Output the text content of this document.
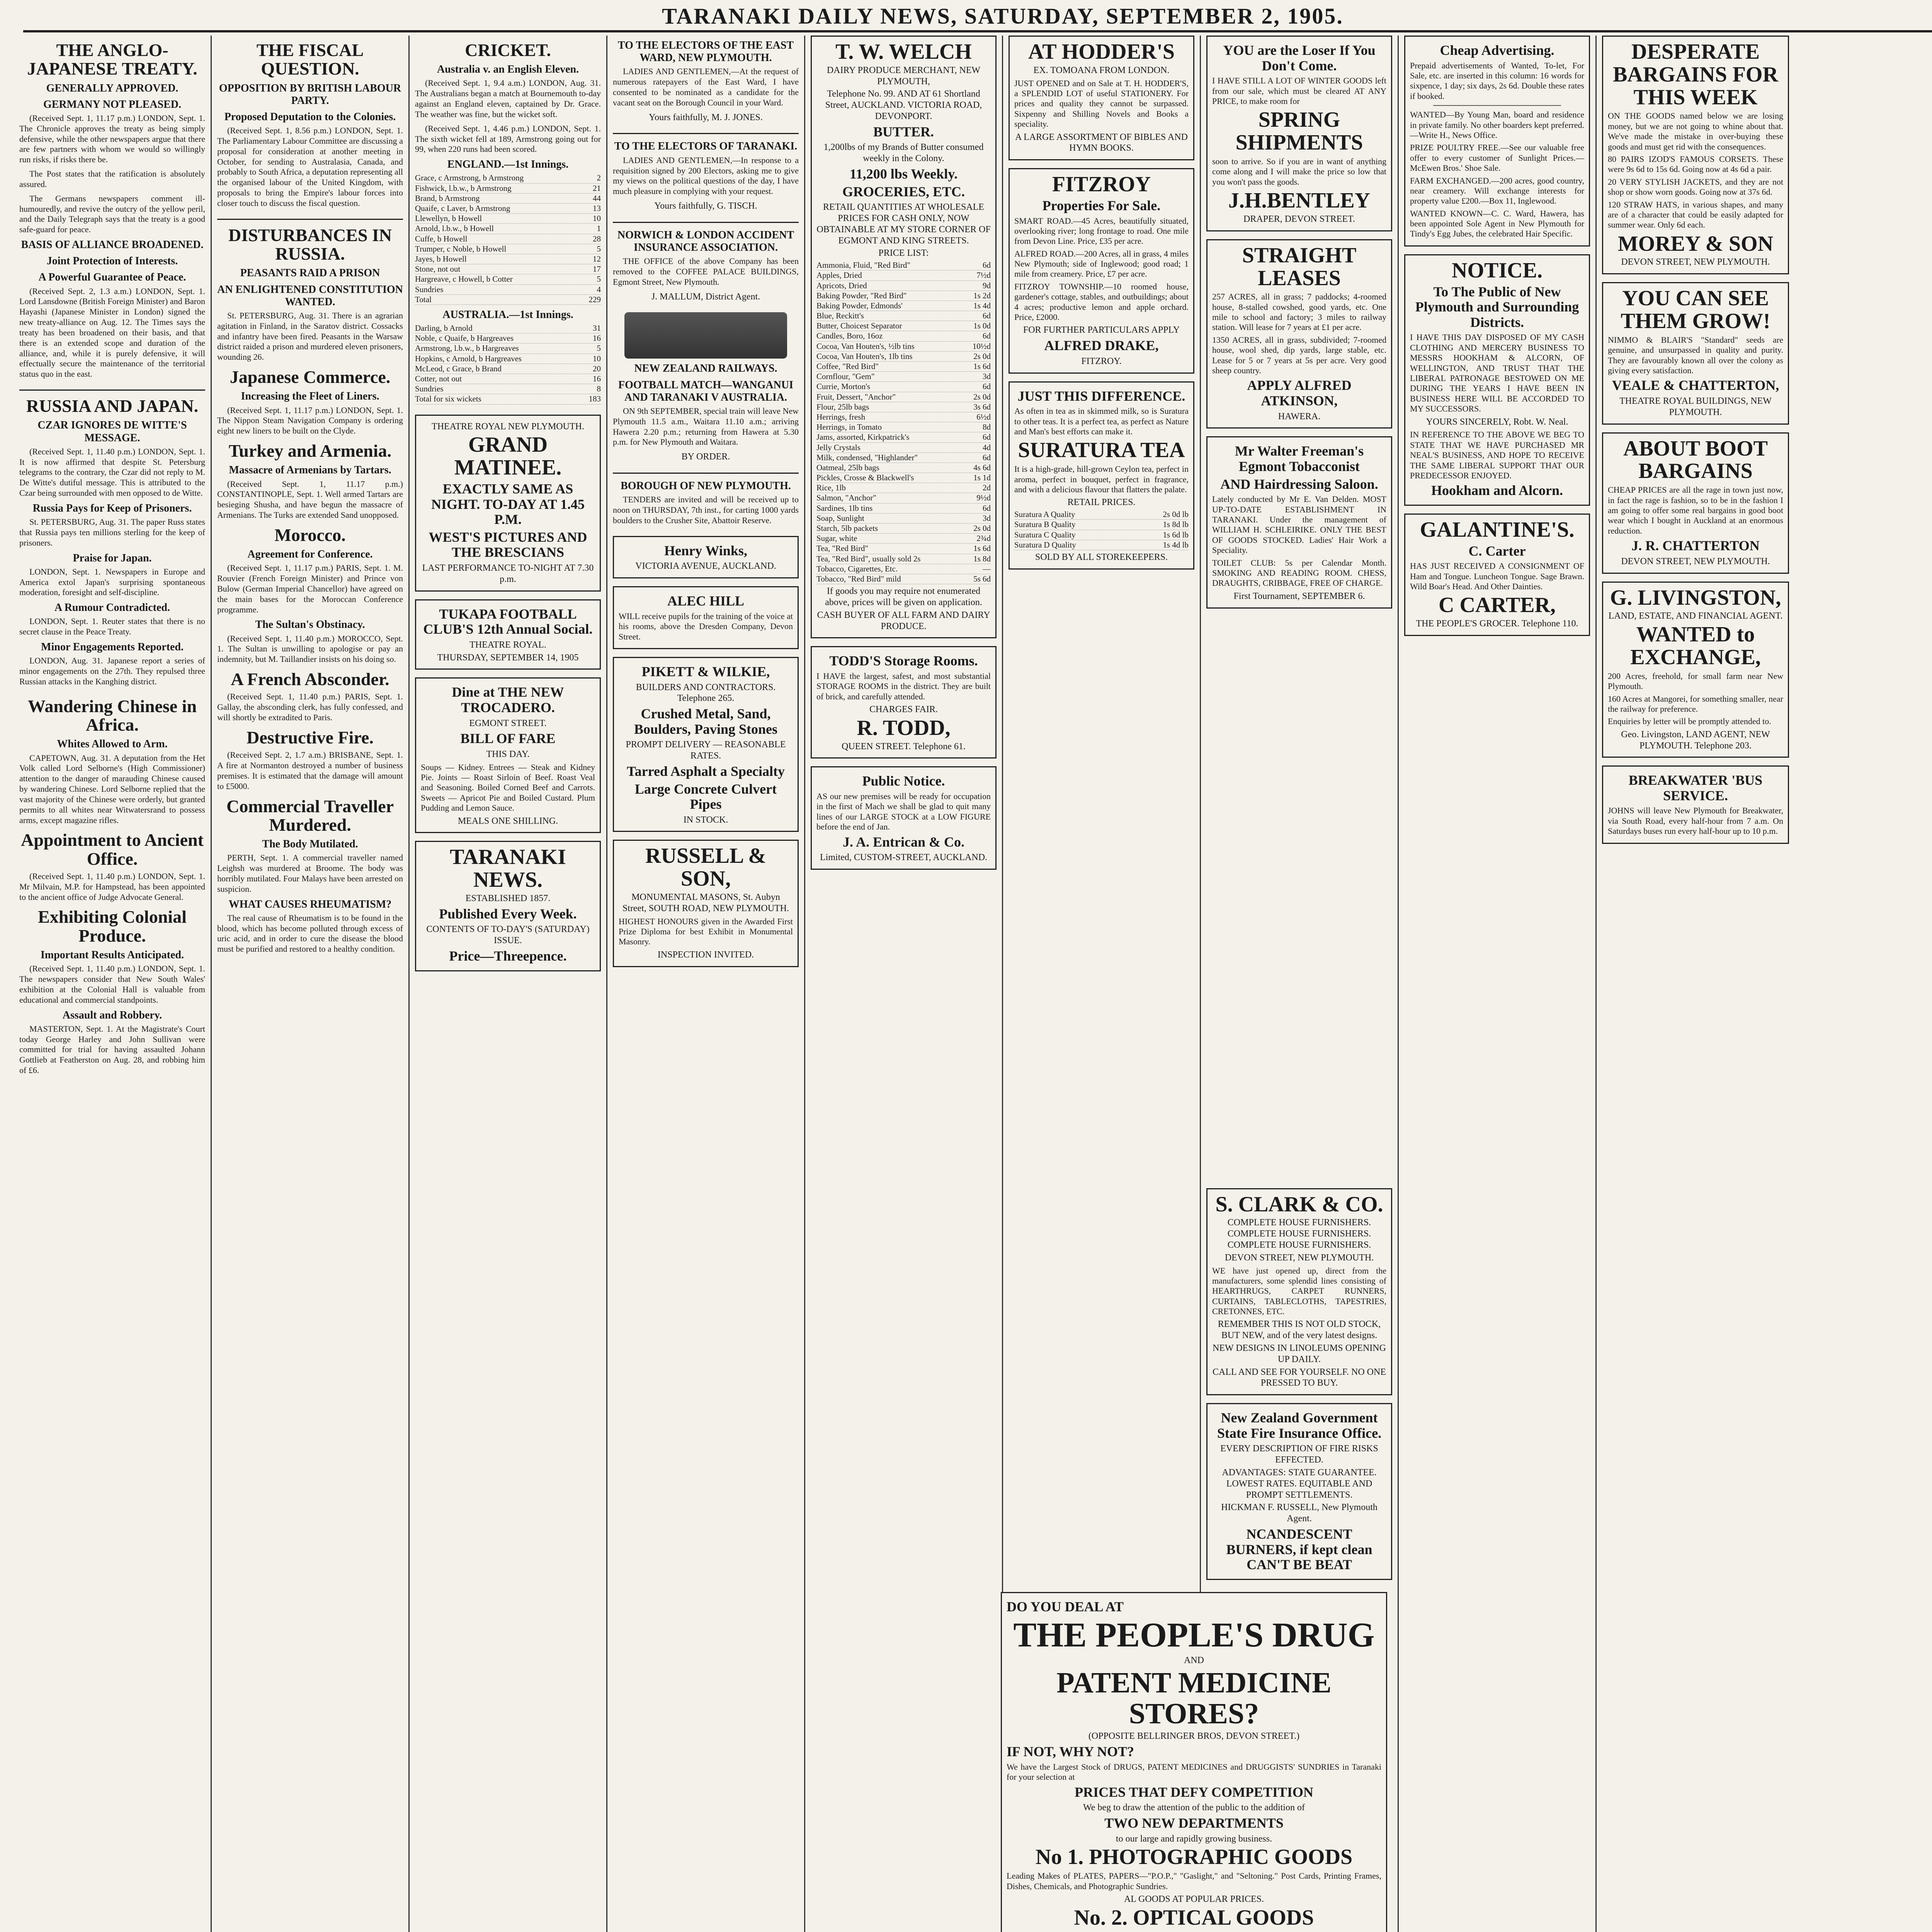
TARANAKI DAILY NEWS, SATURDAY, SEPTEMBER 2, 1905.
THE ANGLO-JAPANESE TREATY.
GENERALLY APPROVED.
GERMANY NOT PLEASED.

(Received Sept. 1, 11.17 p.m.) LONDON, Sept. 1. The Chronicle approves the treaty as being simply defensive, while the other newspapers argue that there are few partners with whom we would so willingly run risks, if risks there be.

The Post states that the ratification is absolutely assured.

The Germans newspapers comment ill-humouredly, and revive the outcry of the yellow peril, and the Daily Telegraph says that the treaty is a good safe-guard for peace.

BASIS OF ALLIANCE BROADENED.
Joint Protection of Interests.
A Powerful Guarantee of Peace.

(Received Sept. 2, 1.3 a.m.) LONDON, Sept. 1. Lord Lansdowne (British Foreign Minister) and Baron Hayashi (Japanese Minister in London) signed the new treaty-alliance on Aug. 12. The Times says the treaty has been broadened on their basis, and that there is an extended scope and duration of the alliance, and, while it is purely defensive, it will effectually secure the maintenance of the territorial status quo in the east.

RUSSIA AND JAPAN.
CZAR IGNORES DE WITTE'S MESSAGE.

(Received Sept. 1, 11.40 p.m.) LONDON, Sept. 1. It is now affirmed that despite St. Petersburg telegrams to the contrary, the Czar did not reply to M. De Witte's dutiful message. This is attributed to the Czar being surrounded with men opposed to de Witte.

Russia Pays for Keep of Prisoners.

St. PETERSBURG, Aug. 31. The paper Russ states that Russia pays ten millions sterling for the keep of prisoners.

Praise for Japan.

LONDON, Sept. 1. Newspapers in Europe and America extol Japan's surprising spontaneous moderation, foresight and self-discipline.

A Rumour Contradicted.

LONDON, Sept. 1. Reuter states that there is no secret clause in the Peace Treaty.

Minor Engagements Reported.

LONDON, Aug. 31. Japanese report a series of minor engagements on the 27th. They repulsed three Russian attacks in the Kanghing district.

Wandering Chinese in Africa.
Whites Allowed to Arm.

CAPETOWN, Aug. 31. A deputation from the Het Volk called Lord Selborne's (High Commissioner) attention to the danger of marauding Chinese caused by wandering Chinese. Lord Selborne replied that the vast majority of the Chinese were orderly, but granted permits to all whites near Witwatersrand to possess arms, except magazine rifles.

Appointment to Ancient Office.

(Received Sept. 1, 11.40 p.m.) LONDON, Sept. 1. Mr Milvain, M.P. for Hampstead, has been appointed to the ancient office of Judge Advocate General.

Exhibiting Colonial Produce.
Important Results Anticipated.

(Received Sept. 1, 11.40 p.m.) LONDON, Sept. 1. The newspapers consider that New South Wales' exhibition at the Colonial Hall is valuable from educational and commercial standpoints.

Assault and Robbery.

MASTERTON, Sept. 1. At the Magistrate's Court today George Harley and John Sullivan were committed for trial for having assaulted Johann Gottlieb at Featherston on Aug. 28, and robbing him of £6.

THE FISCAL QUESTION.
OPPOSITION BY BRITISH LABOUR PARTY.
Proposed Deputation to the Colonies.

(Received Sept. 1, 8.56 p.m.) LONDON, Sept. 1. The Parliamentary Labour Committee are discussing a proposal for consideration at another meeting in October, for sending to Australasia, Canada, and probably to South Africa, a deputation representing all the organised labour of the United Kingdom, with proposals to bring the Empire's labour forces into closer touch to discuss the fiscal question.

DISTURBANCES IN RUSSIA.
PEASANTS RAID A PRISON
AN ENLIGHTENED CONSTITUTION WANTED.

St. PETERSBURG, Aug. 31. There is an agrarian agitation in Finland, in the Saratov district. Cossacks and infantry have been fired. Peasants in the Warsaw district raided a prison and murdered eleven prisoners, wounding 26.

Japanese Commerce.
Increasing the Fleet of Liners.

(Received Sept. 1, 11.17 p.m.) LONDON, Sept. 1. The Nippon Steam Navigation Company is ordering eight new liners to be built on the Clyde.

Turkey and Armenia.
Massacre of Armenians by Tartars.

(Received Sept. 1, 11.17 p.m.) CONSTANTINOPLE, Sept. 1. Well armed Tartars are besieging Shusha, and have begun the massacre of Armenians. The Turks are extended Sand unopposed.

Morocco.
Agreement for Conference.

(Received Sept. 1, 11.17 p.m.) PARIS, Sept. 1. M. Rouvier (French Foreign Minister) and Prince von Bulow (German Imperial Chancellor) have agreed on the main bases for the Moroccan Conference programme.

The Sultan's Obstinacy.

(Received Sept. 1, 11.40 p.m.) MOROCCO, Sept. 1. The Sultan is unwilling to apologise or pay an indemnity, but M. Taillandier insists on his doing so.

A French Absconder.

(Received Sept. 1, 11.40 p.m.) PARIS, Sept. 1. Gallay, the absconding clerk, has fully confessed, and will shortly be extradited to Paris.

Destructive Fire.

(Received Sept. 2, 1.7 a.m.) BRISBANE, Sept. 1. A fire at Normanton destroyed a number of business premises. It is estimated that the damage will amount to £5000.

Commercial Traveller Murdered.
The Body Mutilated.

PERTH, Sept. 1. A commercial traveller named Leighsh was murdered at Broome. The body was horribly mutilated. Four Malays have been arrested on suspicion.

WHAT CAUSES RHEUMATISM?

The real cause of Rheumatism is to be found in the blood, which has become polluted through excess of uric acid, and in order to cure the disease the blood must be purified and restored to a healthy condition.

CRICKET.
Australia v. an English Eleven.

(Received Sept. 1, 9.4 a.m.) LONDON, Aug. 31. The Australians began a match at Bournemouth to-day against an England eleven, captained by Dr. Grace. The weather was fine, but the wicket soft.

(Received Sept. 1, 4.46 p.m.) LONDON, Sept. 1. The sixth wicket fell at 189, Armstrong going out for 99, when 220 runs had been scored.

ENGLAND.—1st Innings.
Grace, c Armstrong, b Armstrong	2
Fishwick, l.b.w., b Armstrong	21
Brand, b Armstrong	44
Quaife, c Laver, b Armstrong	13
Llewellyn, b Howell	10
Arnold, l.b.w., b Howell	1
Cuffe, b Howell	28
Trumper, c Noble, b Howell	5
Jayes, b Howell	12
Stone, not out	17
Hargreave, c Howell, b Cotter	5
Sundries	4
Total	229
AUSTRALIA.—1st Innings.
Darling, b Arnold	31
Noble, c Quaife, b Hargreaves	16
Armstrong, l.b.w., b Hargreaves	5
Hopkins, c Arnold, b Hargreaves	10
McLeod, c Grace, b Brand	20
Cotter, not out	16
Sundries	8
Total for six wickets	183
THEATRE ROYAL NEW PLYMOUTH.
GRAND MATINEE.
EXACTLY SAME AS NIGHT. TO-DAY AT 1.45 P.M.
WEST'S PICTURES AND THE BRESCIANS
LAST PERFORMANCE TO-NIGHT AT 7.30 p.m.
TUKAPA FOOTBALL CLUB'S 12th Annual Social.
THEATRE ROYAL.
THURSDAY, SEPTEMBER 14, 1905
Dine at THE NEW TROCADERO.
EGMONT STREET.
BILL OF FARE
THIS DAY.

Soups — Kidney. Entrees — Steak and Kidney Pie. Joints — Roast Sirloin of Beef. Roast Veal and Seasoning. Boiled Corned Beef and Carrots. Sweets — Apricot Pie and Boiled Custard. Plum Pudding and Lemon Sauce.

MEALS ONE SHILLING.
TARANAKI NEWS.
ESTABLISHED 1857.
Published Every Week.
CONTENTS OF TO-DAY'S (SATURDAY) ISSUE.
Price—Threepence.
TO THE ELECTORS OF THE EAST WARD, NEW PLYMOUTH.

LADIES AND GENTLEMEN,—At the request of numerous ratepayers of the East Ward, I have consented to be nominated as a candidate for the vacant seat on the Borough Council in your Ward.

Yours faithfully, M. J. JONES.

TO THE ELECTORS OF TARANAKI.

LADIES AND GENTLEMEN,—In response to a requisition signed by 200 Electors, asking me to give my views on the political questions of the day, I have much pleasure in complying with your request.

Yours faithfully, G. TISCH.

NORWICH & LONDON ACCIDENT INSURANCE ASSOCIATION.

THE OFFICE of the above Company has been removed to the COFFEE PALACE BUILDINGS, Egmont Street, New Plymouth.

J. MALLUM, District Agent.

NEW ZEALAND RAILWAYS.
FOOTBALL MATCH—WANGANUI AND TARANAKI V AUSTRALIA.

ON 9th SEPTEMBER, special train will leave New Plymouth 11.5 a.m., Waitara 11.10 a.m.; arriving Hawera 2.20 p.m.; returning from Hawera at 5.30 p.m. for New Plymouth and Waitara.

BY ORDER.

BOROUGH OF NEW PLYMOUTH.

TENDERS are invited and will be received up to noon on THURSDAY, 7th inst., for carting 1000 yards boulders to the Crusher Site, Abattoir Reserve.

Henry Winks,
VICTORIA AVENUE, AUCKLAND.
ALEC HILL

WILL receive pupils for the training of the voice at his rooms, above the Dresden Company, Devon Street.

PIKETT & WILKIE,
BUILDERS AND CONTRACTORS. Telephone 265.
Crushed Metal, Sand, Boulders, Paving Stones
PROMPT DELIVERY — REASONABLE RATES.
Tarred Asphalt a Specialty
Large Concrete Culvert Pipes
IN STOCK.
RUSSELL & SON,
MONUMENTAL MASONS, St. Aubyn Street, SOUTH ROAD, NEW PLYMOUTH.

HIGHEST HONOURS given in the Awarded First Prize Diploma for best Exhibit in Monumental Masonry.

INSPECTION INVITED.
T. W. WELCH
DAIRY PRODUCE MERCHANT, NEW PLYMOUTH,
Telephone No. 99. AND AT 61 Shortland Street, AUCKLAND. VICTORIA ROAD, DEVONPORT.
BUTTER.
1,200lbs of my Brands of Butter consumed weekly in the Colony.
11,200 lbs Weekly.
GROCERIES, ETC.
RETAIL QUANTITIES AT WHOLESALE PRICES FOR CASH ONLY, NOW OBTAINABLE AT MY STORE CORNER OF EGMONT AND KING STREETS.
PRICE LIST:
Ammonia, Fluid, "Red Bird"	6d
Apples, Dried	7½d
Apricots, Dried	9d
Baking Powder, "Red Bird"	1s 2d
Baking Powder, Edmonds'	1s 4d
Blue, Reckitt's	6d
Butter, Choicest Separator	1s 0d
Candles, Boro, 16oz	6d
Cocoa, Van Houten's, ½lb tins	10½d
Cocoa, Van Houten's, 1lb tins	2s 0d
Coffee, "Red Bird"	1s 6d
Cornflour, "Gem"	3d
Currie, Morton's	6d
Fruit, Dessert, "Anchor"	2s 0d
Flour, 25lb bags	3s 6d
Herrings, fresh	6½d
Herrings, in Tomato	8d
Jams, assorted, Kirkpatrick's	6d
Jelly Crystals	4d
Milk, condensed, "Highlander"	6d
Oatmeal, 25lb bags	4s 6d
Pickles, Crosse & Blackwell's	1s 1d
Rice, 1lb	2d
Salmon, "Anchor"	9½d
Sardines, 1lb tins	6d
Soap, Sunlight	3d
Starch, 5lb packets	2s 0d
Sugar, white	2¾d
Tea, "Red Bird"	1s 6d
Tea, "Red Bird", usually sold 2s	1s 8d
Tobacco, Cigarettes, Etc.	—
Tobacco, "Red Bird" mild	5s 6d
If goods you may require not enumerated above, prices will be given on application.
CASH BUYER OF ALL FARM AND DAIRY PRODUCE.
TODD'S Storage Rooms.

I HAVE the largest, safest, and most substantial STORAGE ROOMS in the district. They are built of brick, and carefully attended.

CHARGES FAIR.
R. TODD,
QUEEN STREET. Telephone 61.
Public Notice.

AS our new premises will be ready for occupation in the first of Mach we shall be glad to quit many lines of our LARGE STOCK at a LOW FIGURE before the end of Jan.

J. A. Entrican & Co.
Limited, CUSTOM-STREET, AUCKLAND.
AT HODDER'S
EX. TOMOANA FROM LONDON.

JUST OPENED and on Sale at T. H. HODDER'S, a SPLENDID LOT of useful STATIONERY. For prices and quality they cannot be surpassed. Sixpenny and Shilling Novels and Books a speciality.

A LARGE ASSORTMENT OF BIBLES AND HYMN BOOKS.
FITZROY
Properties For Sale.

SMART ROAD.—45 Acres, beautifully situated, overlooking river; long frontage to road. One mile from Devon Line. Price, £35 per acre.

ALFRED ROAD.—200 Acres, all in grass, 4 miles New Plymouth; side of Inglewood; good road; 1 mile from creamery. Price, £7 per acre.

FITZROY TOWNSHIP.—10 roomed house, gardener's cottage, stables, and outbuildings; about 4 acres; productive lemon and apple orchard. Price, £2000.

FOR FURTHER PARTICULARS APPLY
ALFRED DRAKE,
FITZROY.
JUST THIS DIFFERENCE.

As often in tea as in skimmed milk, so is Suratura to other teas. It is a perfect tea, as perfect as Nature and Man's best efforts can make it.

SURATURA TEA

It is a high-grade, hill-grown Ceylon tea, perfect in aroma, perfect in bouquet, perfect in fragrance, and with a delicious flavour that flatters the palate.

RETAIL PRICES.
Suratura A Quality	2s 0d lb
Suratura B Quality	1s 8d lb
Suratura C Quality	1s 6d lb
Suratura D Quality	1s 4d lb
SOLD BY ALL STOREKEEPERS.
YOU are the Loser If You Don't Come.

I HAVE STILL A LOT OF WINTER GOODS left from our sale, which must be cleared AT ANY PRICE, to make room for

SPRING SHIPMENTS

soon to arrive. So if you are in want of anything come along and I will make the price so low that you won't pass the goods.

J.H.BENTLEY
DRAPER, DEVON STREET.
STRAIGHT LEASES

257 ACRES, all in grass; 7 paddocks; 4-roomed house, 8-stalled cowshed, good yards, etc. One mile to school and factory; 3 miles to railway station. Will lease for 7 years at £1 per acre.

1350 ACRES, all in grass, subdivided; 7-roomed house, wool shed, dip yards, large stable, etc. Lease for 5 or 7 years at 5s per acre. Very good sheep country.

APPLY ALFRED ATKINSON,
HAWERA.
Mr Walter Freeman's Egmont Tobacconist
AND Hairdressing Saloon.

Lately conducted by Mr E. Van Delden. MOST UP-TO-DATE ESTABLISHMENT IN TARANAKI. Under the management of WILLIAM H. SCHLEIRIKE. ONLY THE BEST OF GOODS STOCKED. Ladies' Hair Work a Speciality.

TOILET CLUB: 5s per Calendar Month. SMOKING AND READING ROOM. CHESS, DRAUGHTS, CRIBBAGE, FREE OF CHARGE.

First Tournament, SEPTEMBER 6.
S. CLARK & CO.

COMPLETE HOUSE FURNISHERS. COMPLETE HOUSE FURNISHERS. COMPLETE HOUSE FURNISHERS.

DEVON STREET, NEW PLYMOUTH.

WE have just opened up, direct from the manufacturers, some splendid lines consisting of HEARTHRUGS, CARPET RUNNERS, CURTAINS, TABLECLOTHS, TAPESTRIES, CRETONNES, ETC.

REMEMBER THIS IS NOT OLD STOCK, BUT NEW, and of the very latest designs.

NEW DESIGNS IN LINOLEUMS OPENING UP DAILY.

CALL AND SEE FOR YOURSELF. NO ONE PRESSED TO BUY.

New Zealand Government State Fire Insurance Office.

EVERY DESCRIPTION OF FIRE RISKS EFFECTED.

ADVANTAGES: STATE GUARANTEE. LOWEST RATES. EQUITABLE AND PROMPT SETTLEMENTS.

HICKMAN F. RUSSELL, New Plymouth Agent.

NCANDESCENT BURNERS, if kept clean CAN'T BE BEAT
Cheap Advertising.

Prepaid advertisements of Wanted, To-let, For Sale, etc. are inserted in this column: 16 words for sixpence, 1 day; six days, 2s 6d. Double these rates if booked.

WANTED—By Young Man, board and residence in private family. No other boarders kept preferred.—Write H., News Office.

PRIZE POULTRY FREE.—See our valuable free offer to every customer of Sunlight Prices.—McEwen Bros.' Shoe Sale.

FARM EXCHANGED.—200 acres, good country, near creamery. Will exchange interests for property value £200.—Box 11, Inglewood.

WANTED KNOWN—C. C. Ward, Hawera, has been appointed Sole Agent in New Plymouth for Tindy's Egg Jubes, the celebrated Hair Specific.

NOTICE.
To The Public of New Plymouth and Surrounding Districts.

I HAVE THIS DAY DISPOSED OF MY CASH CLOTHING AND MERCERY BUSINESS TO MESSRS HOOKHAM & ALCORN, OF WELLINGTON, AND TRUST THAT THE LIBERAL PATRONAGE BESTOWED ON ME DURING THE YEARS I HAVE BEEN IN BUSINESS HERE WILL BE ACCORDED TO MY SUCCESSORS.

YOURS SINCERELY, Robt. W. Neal.

IN REFERENCE TO THE ABOVE WE BEG TO STATE THAT WE HAVE PURCHASED MR NEAL'S BUSINESS, AND HOPE TO RECEIVE THE SAME LIBERAL SUPPORT THAT OUR PREDECESSOR ENJOYED.

Hookham and Alcorn.
GALANTINE'S.
C. Carter

HAS JUST RECEIVED A CONSIGNMENT OF Ham and Tongue. Luncheon Tongue. Sage Brawn. Wild Boar's Head. And Other Dainties.

C CARTER,
THE PEOPLE'S GROCER. Telephone 110.
DESPERATE BARGAINS FOR THIS WEEK

ON THE GOODS named below we are losing money, but we are not going to whine about that. We've made the mistake in over-buying these goods and must get rid with the consequences.

80 PAIRS IZOD'S FAMOUS CORSETS. These were 9s 6d to 15s 6d. Going now at 4s 6d a pair.

20 VERY STYLISH JACKETS, and they are not shop or show worn goods. Going now at 37s 6d.

120 STRAW HATS, in various shapes, and many are of a character that could be easily adapted for summer wear. Only 6d each.

MOREY & SON
DEVON STREET, NEW PLYMOUTH.
YOU CAN SEE THEM GROW!

NIMMO & BLAIR'S "Standard" seeds are genuine, and unsurpassed in quality and purity. They are favourably known all over the colony as giving every satisfaction.

VEALE & CHATTERTON,
THEATRE ROYAL BUILDINGS, NEW PLYMOUTH.
ABOUT BOOT BARGAINS

CHEAP PRICES are all the rage in town just now, in fact the rage is fashion, so to be in the fashion I am going to offer some real bargains in good boot wear which I bought in Auckland at an enormous reduction.

J. R. CHATTERTON
DEVON STREET, NEW PLYMOUTH.
G. LIVINGSTON,
LAND, ESTATE, AND FINANCIAL AGENT.
WANTED to EXCHANGE,

200 Acres, freehold, for small farm near New Plymouth.

160 Acres at Mangorei, for something smaller, near the railway for preference.

Enquiries by letter will be promptly attended to.

Geo. Livingston, LAND AGENT, NEW PLYMOUTH. Telephone 203.
BREAKWATER 'BUS SERVICE.

JOHNS will leave New Plymouth for Breakwater, via South Road, every half-hour from 7 a.m. On Saturdays buses run every half-hour up to 10 p.m.

DO YOU DEAL AT
THE PEOPLE'S DRUG
AND
PATENT MEDICINE STORES?
(OPPOSITE BELLRINGER BROS, DEVON STREET.)
IF NOT, WHY NOT?

We have the Largest Stock of DRUGS, PATENT MEDICINES and DRUGGISTS' SUNDRIES in Taranaki for your selection at

PRICES THAT DEFY COMPETITION

We beg to draw the attention of the public to the addition of

TWO NEW DEPARTMENTS
to our large and rapidly growing business.
No 1. PHOTOGRAPHIC GOODS

Leading Makes of PLATES, PAPERS—"P.O.P.," "Gaslight," and "Seltoning." Post Cards, Printing Frames, Dishes, Chemicals, and Photographic Sundries.

AL GOODS AT POPULAR PRICES.
No. 2. OPTICAL GOODS
